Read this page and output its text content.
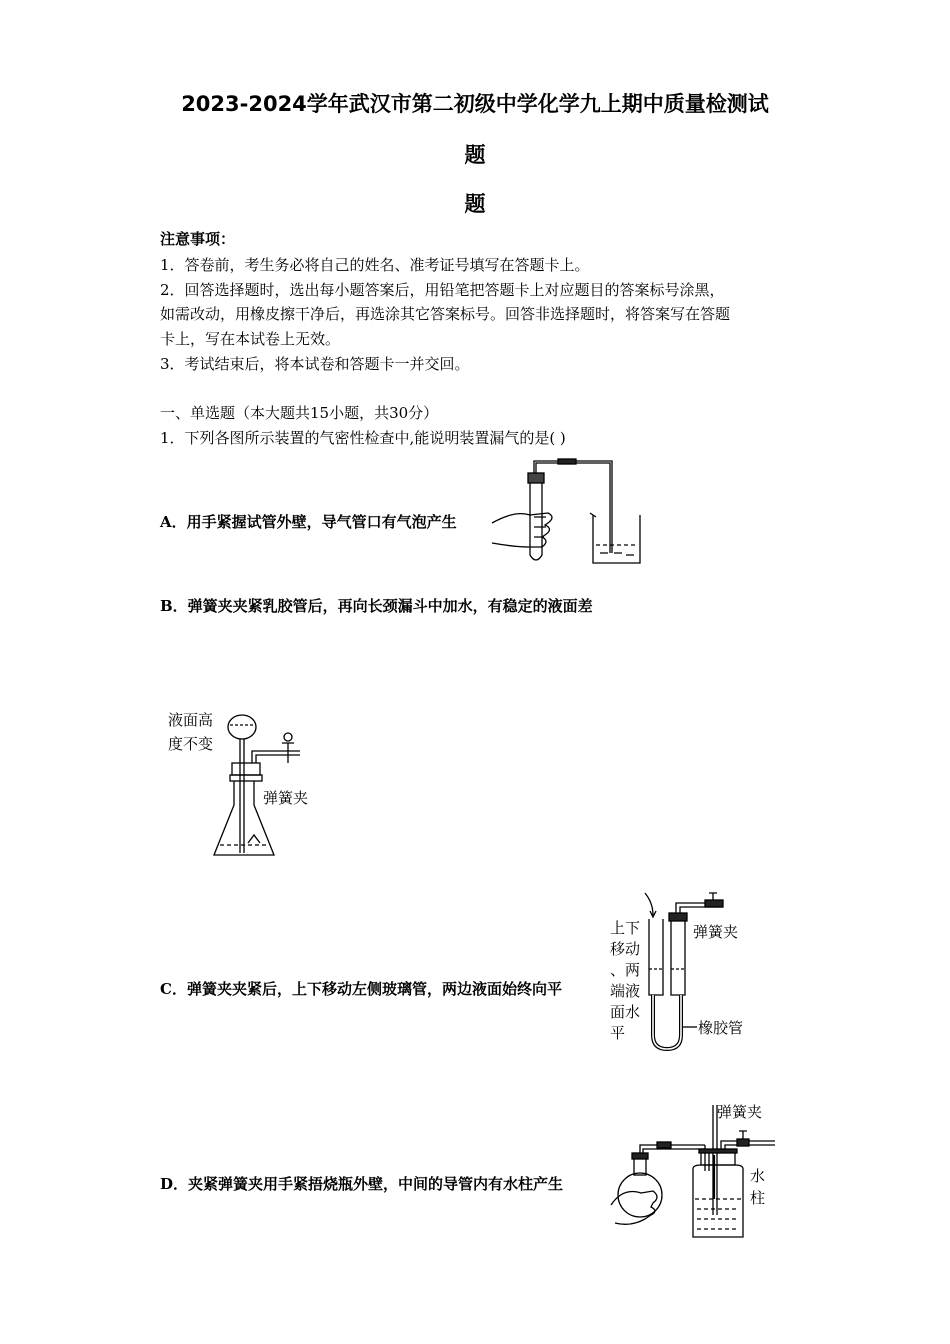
2023-2024学年武汉市第二初级中学化学九上期中质量检测试
题
题
注意事项：
1．答卷前，考生务必将自己的姓名、准考证号填写在答题卡上。
2．回答选择题时，选出每小题答案后，用铅笔把答题卡上对应题目的答案标号涂黑，
如需改动，用橡皮擦干净后，再选涂其它答案标号。回答非选择题时，将答案写在答题
卡上，写在本试卷上无效。
3．考试结束后，将本试卷和答题卡一并交回。
一、单选题（本大题共15小题，共30分）
1．下列各图所示装置的气密性检查中,能说明装置漏气的是( )
A．用手紧握试管外壁，导气管口有气泡产生
B．弹簧夹夹紧乳胶管后，再向长颈漏斗中加水，有稳定的液面差
C．弹簧夹夹紧后，上下移动左侧玻璃管，两边液面始终向平
D．夹紧弹簧夹用手紧捂烧瓶外壁，中间的导管内有水柱产生
液面高
度不变
弹簧夹
上下
移动
、两
端液
面水
平
弹簧夹
橡胶管
弹簧夹
水
柱
